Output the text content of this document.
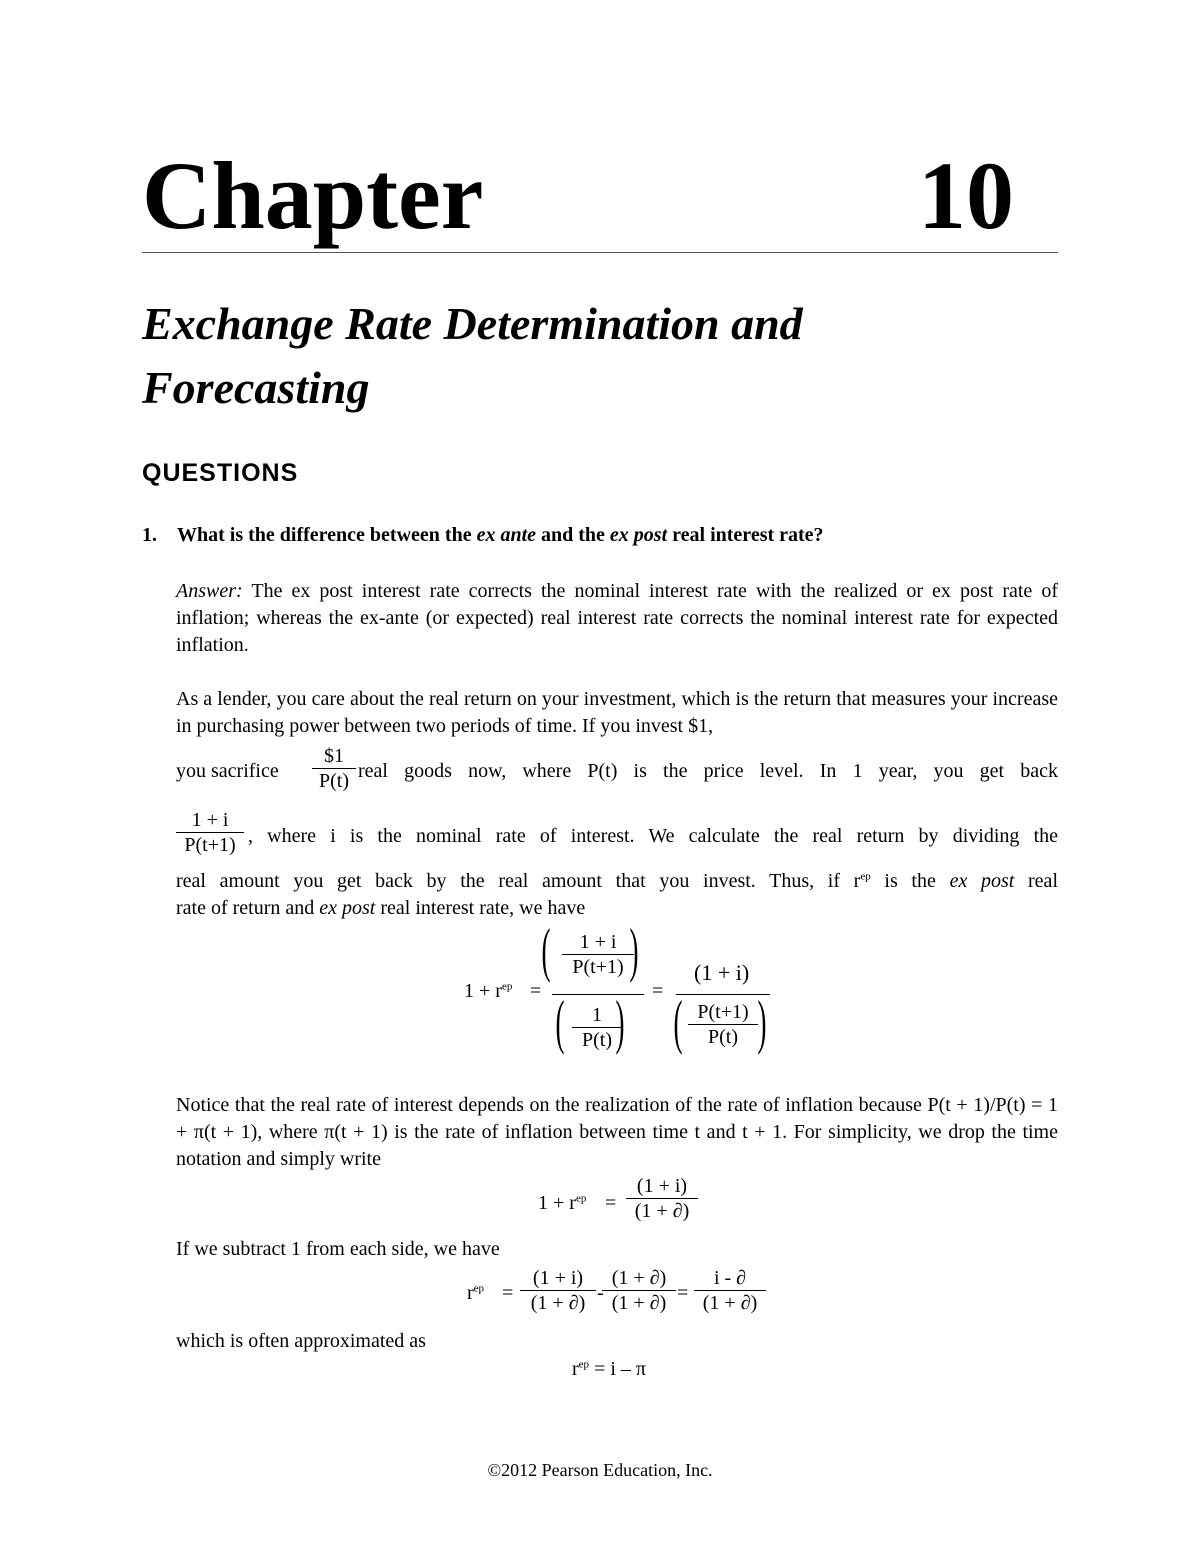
Chapter	10
Exchange Rate Determination and Forecasting
QUESTIONS
1. What is the difference between the ex ante and the ex post real interest rate?
Answer: The ex post interest rate corrects the nominal interest rate with the realized or ex post rate of inflation; whereas the ex-ante (or expected) real interest rate corrects the nominal interest rate for expected inflation.
As a lender, you care about the real return on your investment, which is the return that measures your increase in purchasing power between two periods of time. If you invest $1,
you sacrifice $\frac{\$1}{P(t)}$ real goods now, where P(t) is the price level. In 1 year, you get back
$\frac{1 + i}{P(t+1)}$ , where i is the nominal rate of interest. We calculate the real return by dividing the
real amount you get back by the real amount that you invest. Thus, if $r^{ep}$ is the ex post real
rate of return and ex post real interest rate, we have
$1 + r^{ep}$ =
( )
$\frac{1 + i}{P(t+1)}$
( )
$\frac{1}{P(t)}$
=
(1 + i)
( )
$\frac{P(t+1)}{P(t)}$
Notice that the real rate of interest depends on the realization of the rate of inflation because P(t + 1)/P(t) = 1 + π(t + 1), where π(t + 1) is the rate of inflation between time t and t + 1. For simplicity, we drop the time notation and simply write
$1 + r^{ep} = \frac{(1 + i)}{(1 + \partial)}$
If we subtract 1 from each side, we have
$r^{ep} = \frac{(1 + i)}{(1 + \partial)}$ -
$\frac{(1 + \partial)}{(1 + \partial)} = \frac{i - \partial}{(1 + \partial)}$
which is often approximated as
$r^{ep} = i - \pi$
©2012 Pearson Education, Inc.
